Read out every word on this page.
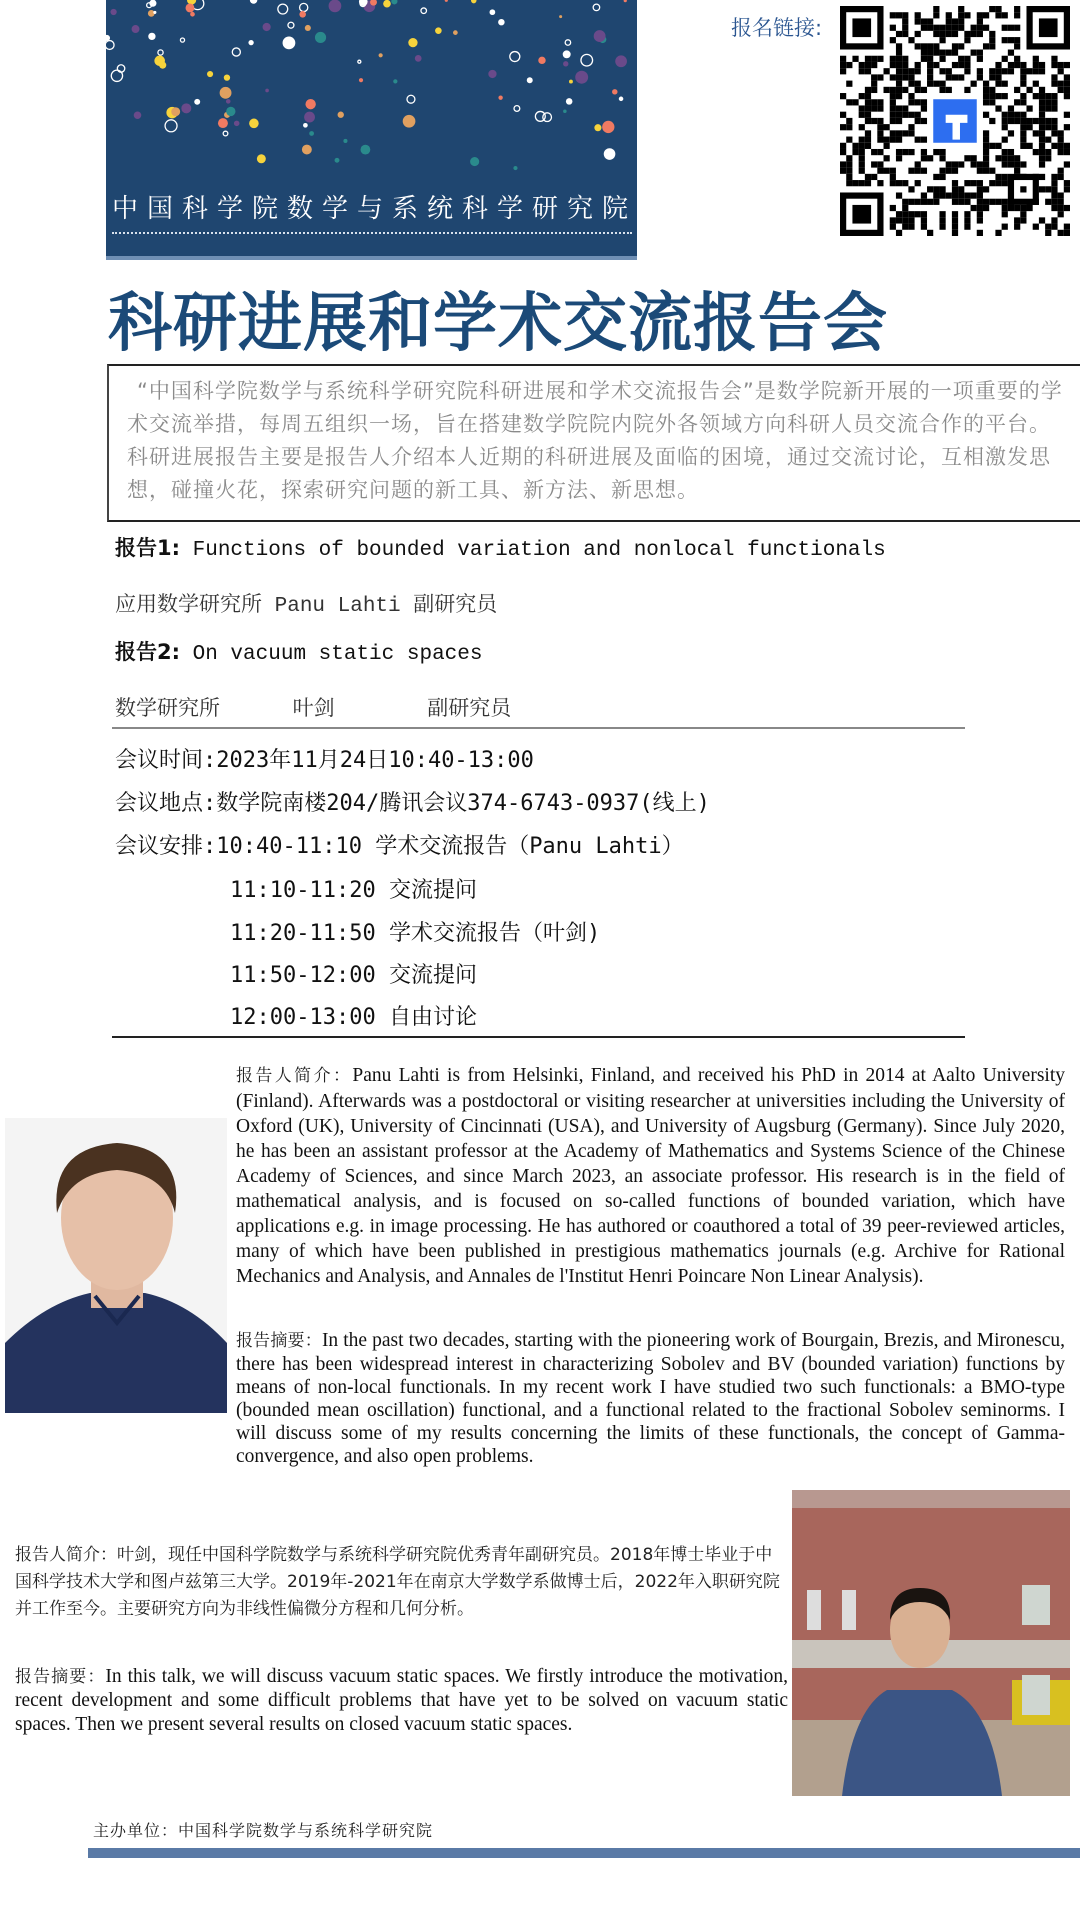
中国科学院数学与系统科学研究院
报名链接:
科研进展和学术交流报告会

“中国科学院数学与系统科学研究院科研进展和学术交流报告会”是数学院新开展的一项重要的学术交流举措，每周五组织一场，旨在搭建数学院院内院外各领域方向科研人员交流合作的平台。科研进展报告主要是报告人介绍本人近期的科研进展及面临的困境，通过交流讨论，互相激发思想，碰撞火花，探索研究问题的新工具、新方法、新思想。

报告1: Functions of bounded variation and nonlocal functionals
应用数学研究所 Panu Lahti 副研究员
报告2: On vacuum static spaces
数学研究所	叶剑	副研究员
会议时间:2023年11月24日10:40-13:00
会议地点:数学院南楼204/腾讯会议374-6743-0937(线上)
会议安排:10:40-11:10 学术交流报告（Panu Lahti）
11:10-11:20 交流提问
11:20-11:50 学术交流报告（叶剑)
11:50-12:00 交流提问
12:00-13:00 自由讨论
报告人简介：Panu Lahti is from Helsinki, Finland, and received his PhD in 2014 at Aalto University (Finland). Afterwards was a postdoctoral or visiting researcher at universities including the University of Oxford (UK), University of Cincinnati (USA), and University of Augsburg (Germany). Since July 2020, he has been an assistant professor at the Academy of Mathematics and Systems Science of the Chinese Academy of Sciences, and since March 2023, an associate professor. His research is in the field of mathematical analysis, and is focused on so-called functions of bounded variation, which have applications e.g. in image processing. He has authored or coauthored a total of 39 peer-reviewed articles, many of which have been published in prestigious mathematics journals (e.g. Archive for Rational Mechanics and Analysis, and Annales de l'Institut Henri Poincare Non Linear Analysis).
报告摘要：In the past two decades, starting with the pioneering work of Bourgain, Brezis, and Mironescu, there has been widespread interest in characterizing Sobolev and BV (bounded variation) functions by means of non-local functionals. In my recent work I have studied two such functionals: a BMO-type (bounded mean oscillation) functional, and a functional related to the fractional Sobolev seminorms. I will discuss some of my results concerning the limits of these functionals, the concept of Gamma-convergence, and also open problems.
报告人简介：叶剑，现任中国科学院数学与系统科学研究院优秀青年副研究员。2018年博士毕业于中国科学技术大学和图卢兹第三大学。2019年-2021年在南京大学数学系做博士后，2022年入职研究院并工作至今。主要研究方向为非线性偏微分方程和几何分析。
报告摘要：In this talk, we will discuss vacuum static spaces. We firstly introduce the motivation, recent development and some difficult problems that have yet to be solved on vacuum static spaces. Then we present several results on closed vacuum static spaces.
主办单位：中国科学院数学与系统科学研究院
